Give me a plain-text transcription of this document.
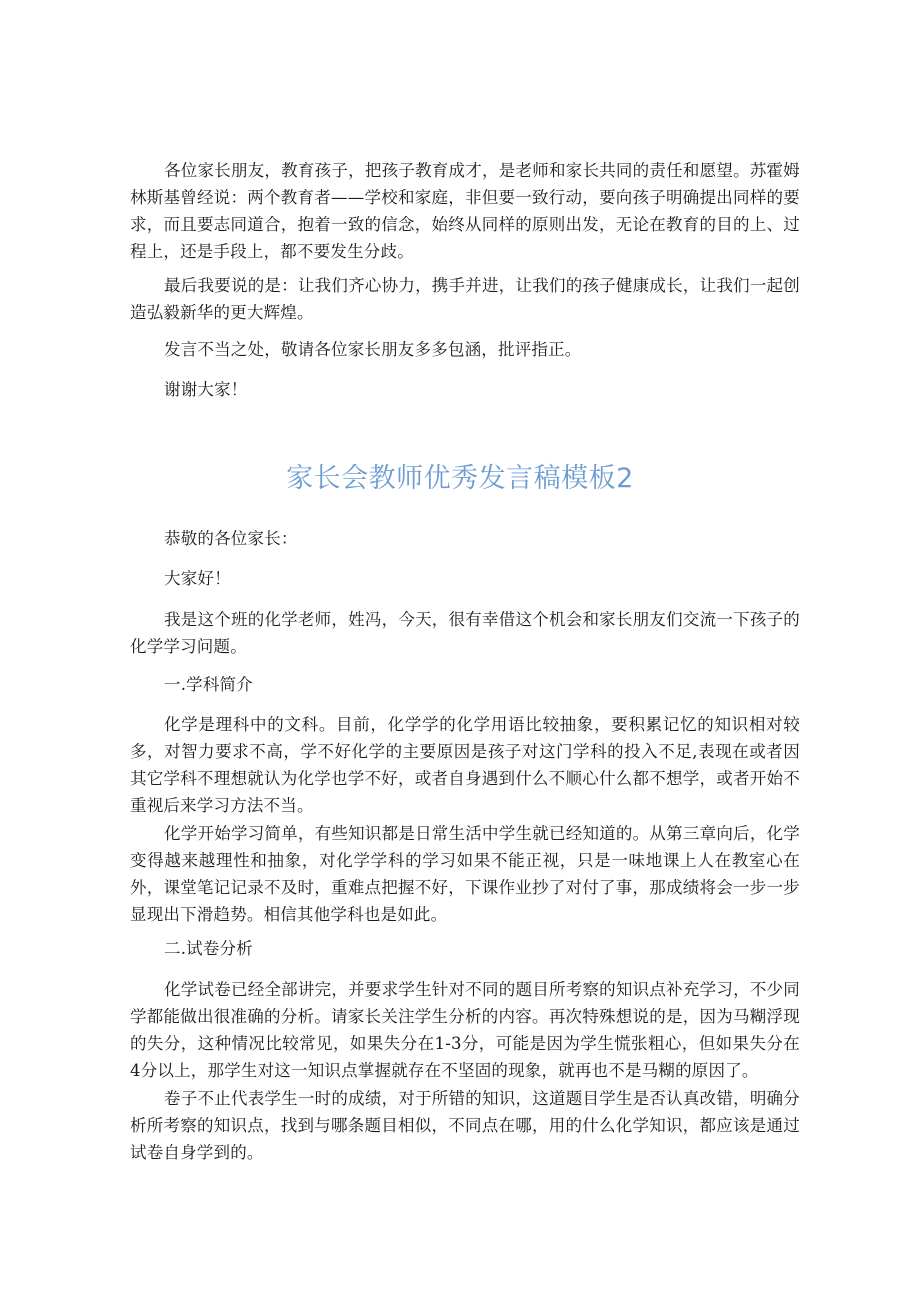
各位家长朋友，教育孩子，把孩子教育成才，是老师和家长共同的责任和愿望。苏霍姆林斯基曾经说：两个教育者——学校和家庭，非但要一致行动，要向孩子明确提出同样的要求，而且要志同道合，抱着一致的信念，始终从同样的原则出发，无论在教育的目的上、过程上，还是手段上，都不要发生分歧。

最后我要说的是：让我们齐心协力，携手并进，让我们的孩子健康成长，让我们一起创造弘毅新华的更大辉煌。

发言不当之处，敬请各位家长朋友多多包涵，批评指正。

谢谢大家！

家长会教师优秀发言稿模板2

恭敬的各位家长：

大家好！

我是这个班的化学老师，姓冯，今天，很有幸借这个机会和家长朋友们交流一下孩子的化学学习问题。

一.学科简介

化学是理科中的文科。目前，化学学的化学用语比较抽象，要积累记忆的知识相对较多，对智力要求不高，学不好化学的主要原因是孩子对这门学科的投入不足,表现在或者因其它学科不理想就认为化学也学不好，或者自身遇到什么不顺心什么都不想学，或者开始不重视后来学习方法不当。

化学开始学习简单，有些知识都是日常生活中学生就已经知道的。从第三章向后，化学变得越来越理性和抽象，对化学学科的学习如果不能正视，只是一味地课上人在教室心在外，课堂笔记记录不及时，重难点把握不好，下课作业抄了对付了事，那成绩将会一步一步显现出下滑趋势。相信其他学科也是如此。

二.试卷分析

化学试卷已经全部讲完，并要求学生针对不同的题目所考察的知识点补充学习，不少同学都能做出很准确的分析。请家长关注学生分析的内容。再次特殊想说的是，因为马糊浮现的失分，这种情况比较常见，如果失分在1-3分，可能是因为学生慌张粗心，但如果失分在4分以上，那学生对这一知识点掌握就存在不坚固的现象，就再也不是马糊的原因了。

卷子不止代表学生一时的成绩，对于所错的知识，这道题目学生是否认真改错，明确分析所考察的知识点，找到与哪条题目相似，不同点在哪，用的什么化学知识，都应该是通过试卷自身学到的。
